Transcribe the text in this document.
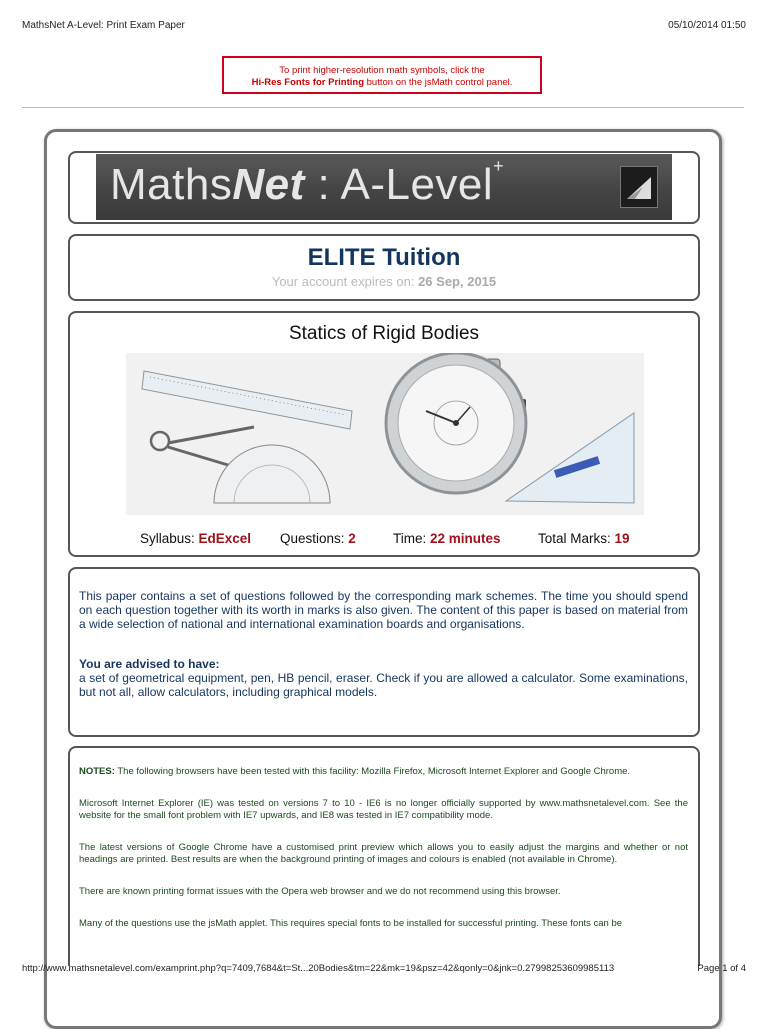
MathsNet A-Level: Print Exam Paper	05/10/2014 01:50
To print higher-resolution math symbols, click the
Hi-Res Fonts for Printing button on the jsMath control panel.
MathsNet : A-Level+
ELITE Tuition
Your account expires on: 26 Sep, 2015
Statics of Rigid Bodies
Syllabus: EdExcel Questions: 2	Time: 22 minutes	Total Marks: 19

This paper contains a set of questions followed by the corresponding mark schemes. The time you should spend on each question together with its worth in marks is also given. The content of this paper is based on material from a wide selection of national and international examination boards and organisations.

You are advised to have:

a set of geometrical equipment, pen, HB pencil, eraser. Check if you are allowed a calculator. Some examinations, but not all, allow calculators, including graphical models.

NOTES: The following browsers have been tested with this facility: Mozilla Firefox, Microsoft Internet Explorer and Google Chrome.

Microsoft Internet Explorer (IE) was tested on versions 7 to 10 - IE6 is no longer officially supported by www.mathsnetalevel.com. See the website for the small font problem with IE7 upwards, and IE8 was tested in IE7 compatibility mode.

The latest versions of Google Chrome have a customised print preview which allows you to easily adjust the margins and whether or not headings are printed. Best results are when the background printing of images and colours is enabled (not available in Chrome).

There are known printing format issues with the Opera web browser and we do not recommend using this browser.

Many of the questions use the jsMath applet. This requires special fonts to be installed for successful printing. These fonts can be

http://www.mathsnetalevel.com/examprint.php?q=7409,7684&t=St...20Bodies&tm=22&mk=19&psz=42&qonly=0&jnk=0.27998253609985113	Page 1 of 4
